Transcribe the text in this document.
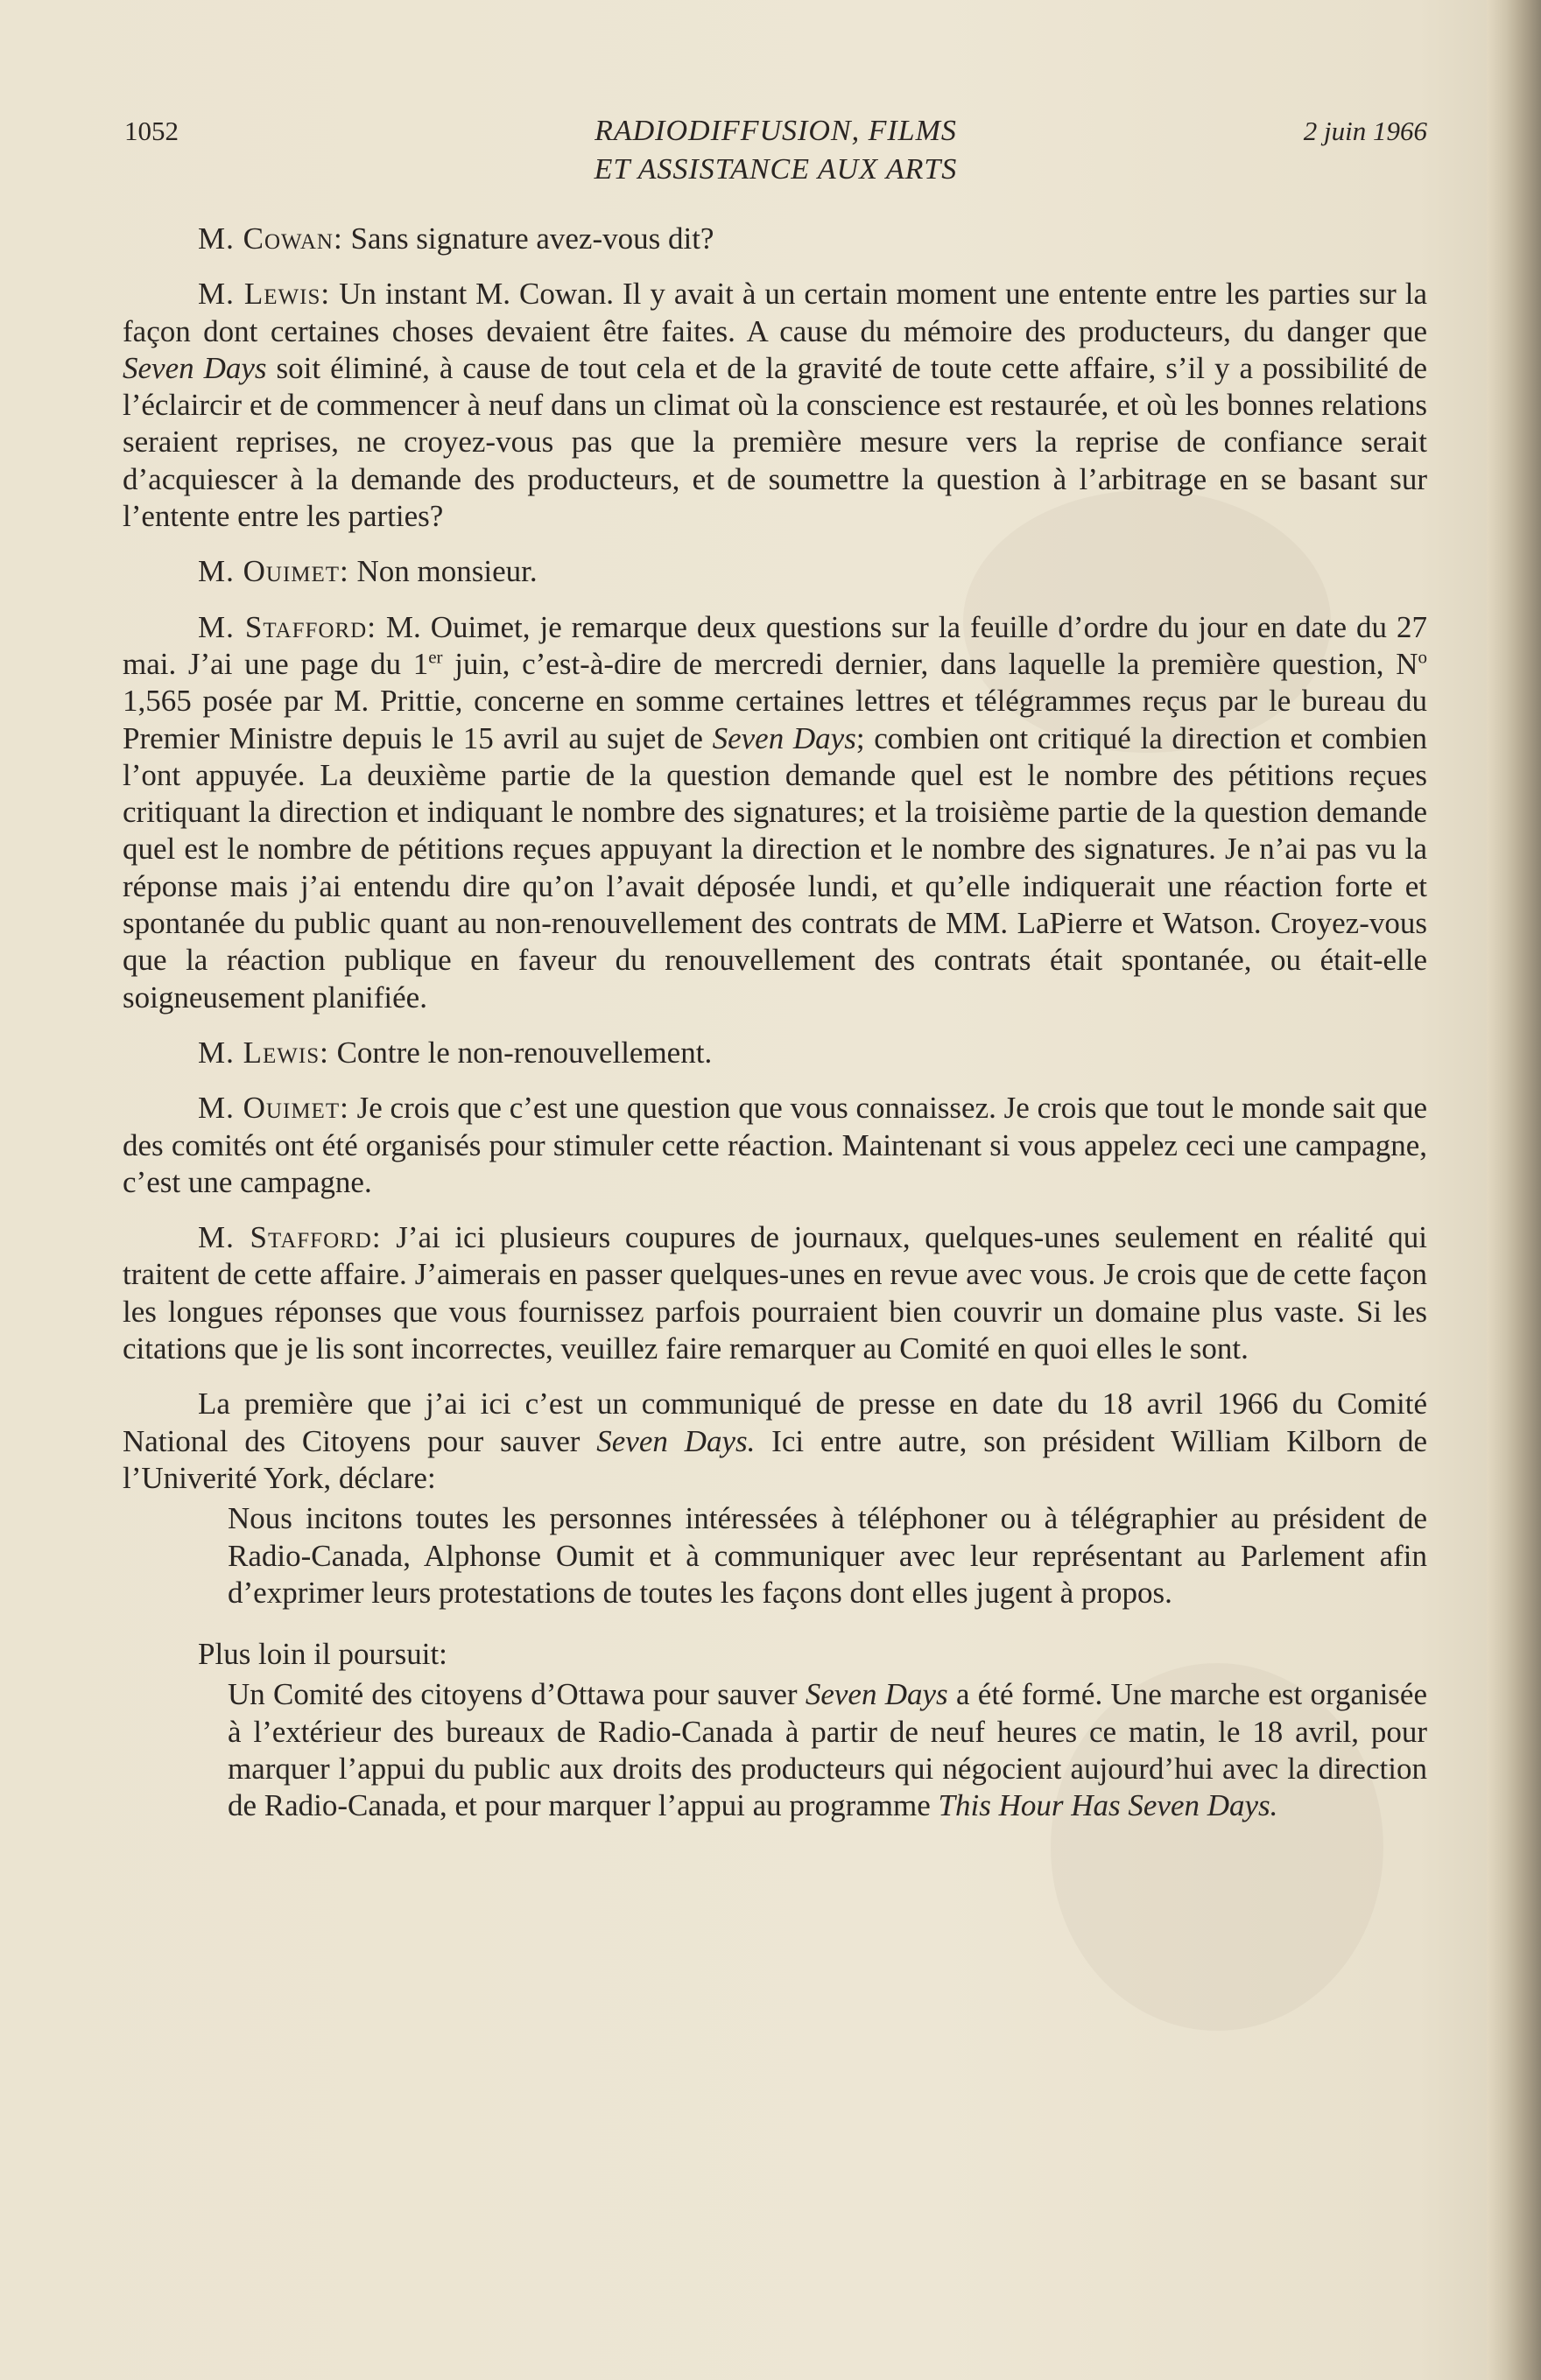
1052	RADIODIFFUSION, FILMS
ET ASSISTANCE AUX ARTS
2 juin 1966

M. Cowan: Sans signature avez-vous dit?

M. Lewis: Un instant M. Cowan. Il y avait à un certain moment une entente entre les parties sur la façon dont certaines choses devaient être faites. A cause du mémoire des producteurs, du danger que Seven Days soit éliminé, à cause de tout cela et de la gravité de toute cette affaire, s’il y a possibilité de l’éclaircir et de commencer à neuf dans un climat où la conscience est restaurée, et où les bonnes relations seraient reprises, ne croyez-vous pas que la première mesure vers la reprise de confiance serait d’acquiescer à la demande des producteurs, et de soumettre la question à l’arbitrage en se basant sur l’entente entre les parties?

M. Ouimet: Non monsieur.

M. Stafford: M. Ouimet, je remarque deux questions sur la feuille d’ordre du jour en date du 27 mai. J’ai une page du 1er juin, c’est-à-dire de mercredi dernier, dans laquelle la première question, $N^o$ 1,565 posée par M. Prittie, concerne en somme certaines lettres et télégrammes reçus par le bureau du Premier Ministre depuis le 15 avril au sujet de Seven Days; combien ont critiqué la direction et combien l’ont appuyée. La deuxième partie de la question demande quel est le nombre des pétitions reçues critiquant la direction et indiquant le nombre des signatures; et la troisième partie de la question demande quel est le nombre de pétitions reçues appuyant la direction et le nombre des signatures. Je n’ai pas vu la réponse mais j’ai entendu dire qu’on l’avait déposée lundi, et qu’elle indiquerait une réaction forte et spontanée du public quant au non-renouvellement des contrats de MM. LaPierre et Watson. Croyez-vous que la réaction publique en faveur du renouvellement des contrats était spontanée, ou était-elle soigneusement planifiée.

M. Lewis: Contre le non-renouvellement.

M. Ouimet: Je crois que c’est une question que vous connaissez. Je crois que tout le monde sait que des comités ont été organisés pour stimuler cette réaction. Maintenant si vous appelez ceci une campagne, c’est une campagne.

M. Stafford: J’ai ici plusieurs coupures de journaux, quelques-unes seulement en réalité qui traitent de cette affaire. J’aimerais en passer quelques-unes en revue avec vous. Je crois que de cette façon les longues réponses que vous fournissez parfois pourraient bien couvrir un domaine plus vaste. Si les citations que je lis sont incorrectes, veuillez faire remarquer au Comité en quoi elles le sont.

La première que j’ai ici c’est un communiqué de presse en date du 18 avril 1966 du Comité National des Citoyens pour sauver Seven Days. Ici entre autre, son président William Kilborn de l’Univerité York, déclare:

Nous incitons toutes les personnes intéressées à téléphoner ou à télégraphier au président de Radio-Canada, Alphonse Oumit et à communiquer avec leur représentant au Parlement afin d’exprimer leurs protestations de toutes les façons dont elles jugent à propos.

Plus loin il poursuit:

Un Comité des citoyens d’Ottawa pour sauver Seven Days a été formé. Une marche est organisée à l’extérieur des bureaux de Radio-Canada à partir de neuf heures ce matin, le 18 avril, pour marquer l’appui du public aux droits des producteurs qui négocient aujourd’hui avec la direction de Radio-Canada, et pour marquer l’appui au programme This Hour Has Seven Days.
